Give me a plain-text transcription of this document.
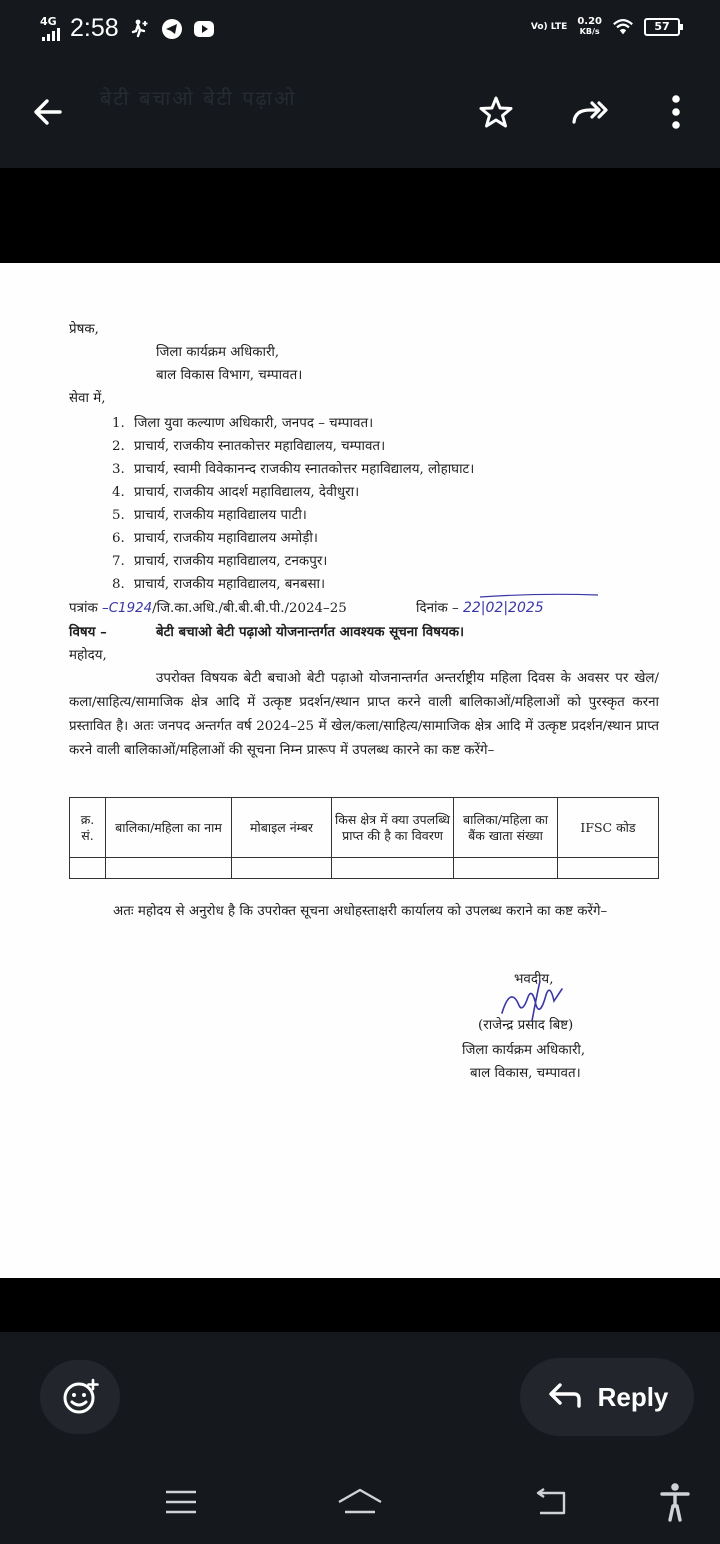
4G 2:58	Vo) LTE 0.20
KB/s	57
बेटी बचाओ बेटी पढ़ाओ
प्रेषक,
जिला कार्यक्रम अधिकारी,
बाल विकास विभाग, चम्पावत।
सेवा में,
1. जिला युवा कल्याण अधिकारी, जनपद – चम्पावत।
2. प्राचार्य, राजकीय स्नातकोत्तर महाविद्यालय, चम्पावत।
3. प्राचार्य, स्वामी विवेकानन्द राजकीय स्नातकोत्तर महाविद्यालय, लोहाघाट।
4. प्राचार्य, राजकीय आदर्श महाविद्यालय, देवीधुरा।
5. प्राचार्य, राजकीय महाविद्यालय पाटी।
6. प्राचार्य, राजकीय महाविद्यालय अमोड़ी।
7. प्राचार्य, राजकीय महाविद्यालय, टनकपुर।
8. प्राचार्य, राजकीय महाविद्यालय, बनबसा।
पत्रांक –C1924/जि.का.अधि./बी.बी.बी.पी./2024–25	दिनांक – 22|02|2025
विषय –	बेटी बचाओ बेटी पढ़ाओ योजनान्तर्गत आवश्यक सूचना विषयक।
महोदय,
उपरोक्त विषयक बेटी बचाओ बेटी पढ़ाओ योजनान्तर्गत अन्तर्राष्ट्रीय महिला दिवस के अवसर पर खेल/कला/साहित्य/सामाजिक क्षेत्र आदि में उत्कृष्ट प्रदर्शन/स्थान प्राप्त करने वाली बालिकाओं/महिलाओं को पुरस्कृत करना प्रस्तावित है। अतः जनपद अन्तर्गत वर्ष 2024–25 में खेल/कला/साहित्य/सामाजिक क्षेत्र आदि में उत्कृष्ट प्रदर्शन/स्थान प्राप्त करने वाली बालिकाओं/महिलाओं की सूचना निम्न प्रारूप में उपलब्ध कारने का कष्ट करेंगे–
क्र. सं.	बालिका/महिला का नाम	मोबाइल नंम्बर	किस क्षेत्र में क्या उपलब्धि प्राप्त की है का विवरण	बालिका/महिला का बैंक खाता संख्या	IFSC कोड

अतः महोदय से अनुरोध है कि उपरोक्त सूचना अधोहस्ताक्षरी कार्यालय को उपलब्ध कराने का कष्ट करेंगे–
भवदीय,
(राजेन्द्र प्रसाद बिष्ट)
जिला कार्यक्रम अधिकारी,
बाल विकास, चम्पावत।
Reply
